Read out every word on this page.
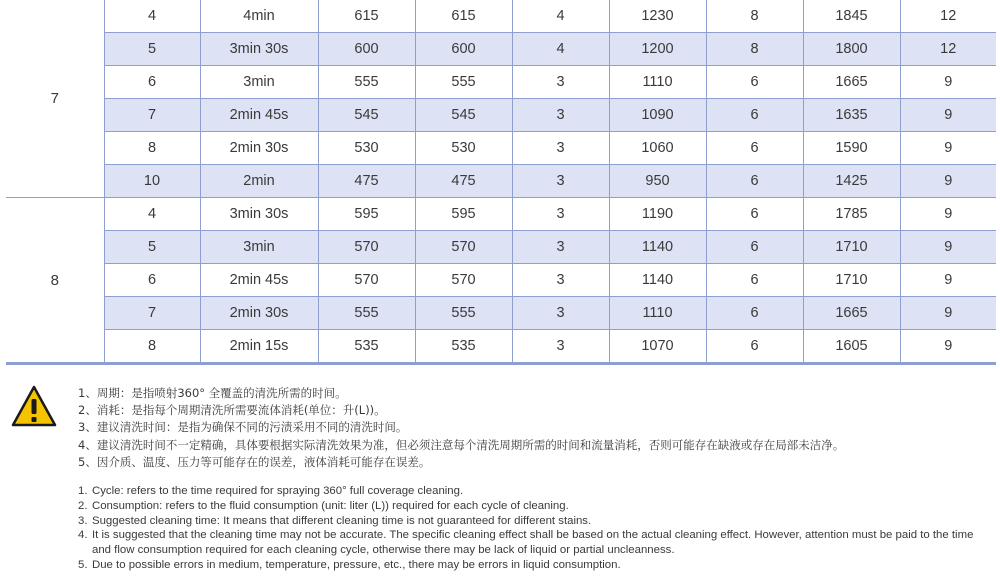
7	4	4min	615	615	4	1230	8	1845	12
	5	3min 30s	600	600	4	1200	8	1800	12
	6	3min	555	555	3	1110	6	1665	9
	7	2min 45s	545	545	3	1090	6	1635	9
	8	2min 30s	530	530	3	1060	6	1590	9
	10	2min	475	475	3	950	6	1425	9
8	4	3min 30s	595	595	3	1190	6	1785	9
	5	3min	570	570	3	1140	6	1710	9
	6	2min 45s	570	570	3	1140	6	1710	9
	7	2min 30s	555	555	3	1110	6	1665	9
	8	2min 15s	535	535	3	1070	6	1605	9
1、周期：是指喷射360° 全覆盖的清洗所需的时间。
2、消耗：是指每个周期清洗所需要流体消耗(单位：升(L))。
3、建议清洗时间：是指为确保不同的污渍采用不同的清洗时间。
4、建议清洗时间不一定精确，具体要根据实际清洗效果为准，但必须注意每个清洗周期所需的时间和流量消耗，否则可能存在缺液或存在局部未洁净。
5、因介质、温度、压力等可能存在的误差，液体消耗可能存在误差。
1. Cycle: refers to the time required for spraying 360° full coverage cleaning.
2. Consumption: refers to the fluid consumption (unit: liter (L)) required for each cycle of cleaning.
3. Suggested cleaning time: It means that different cleaning time is not guaranteed for different stains.
4. It is suggested that the cleaning time may not be accurate. The specific cleaning effect shall be based on the actual cleaning effect. However, attention must be paid to the time and flow consumption required for each cleaning cycle, otherwise there may be lack of liquid or partial uncleanness.
5. Due to possible errors in medium, temperature, pressure, etc., there may be errors in liquid consumption.
